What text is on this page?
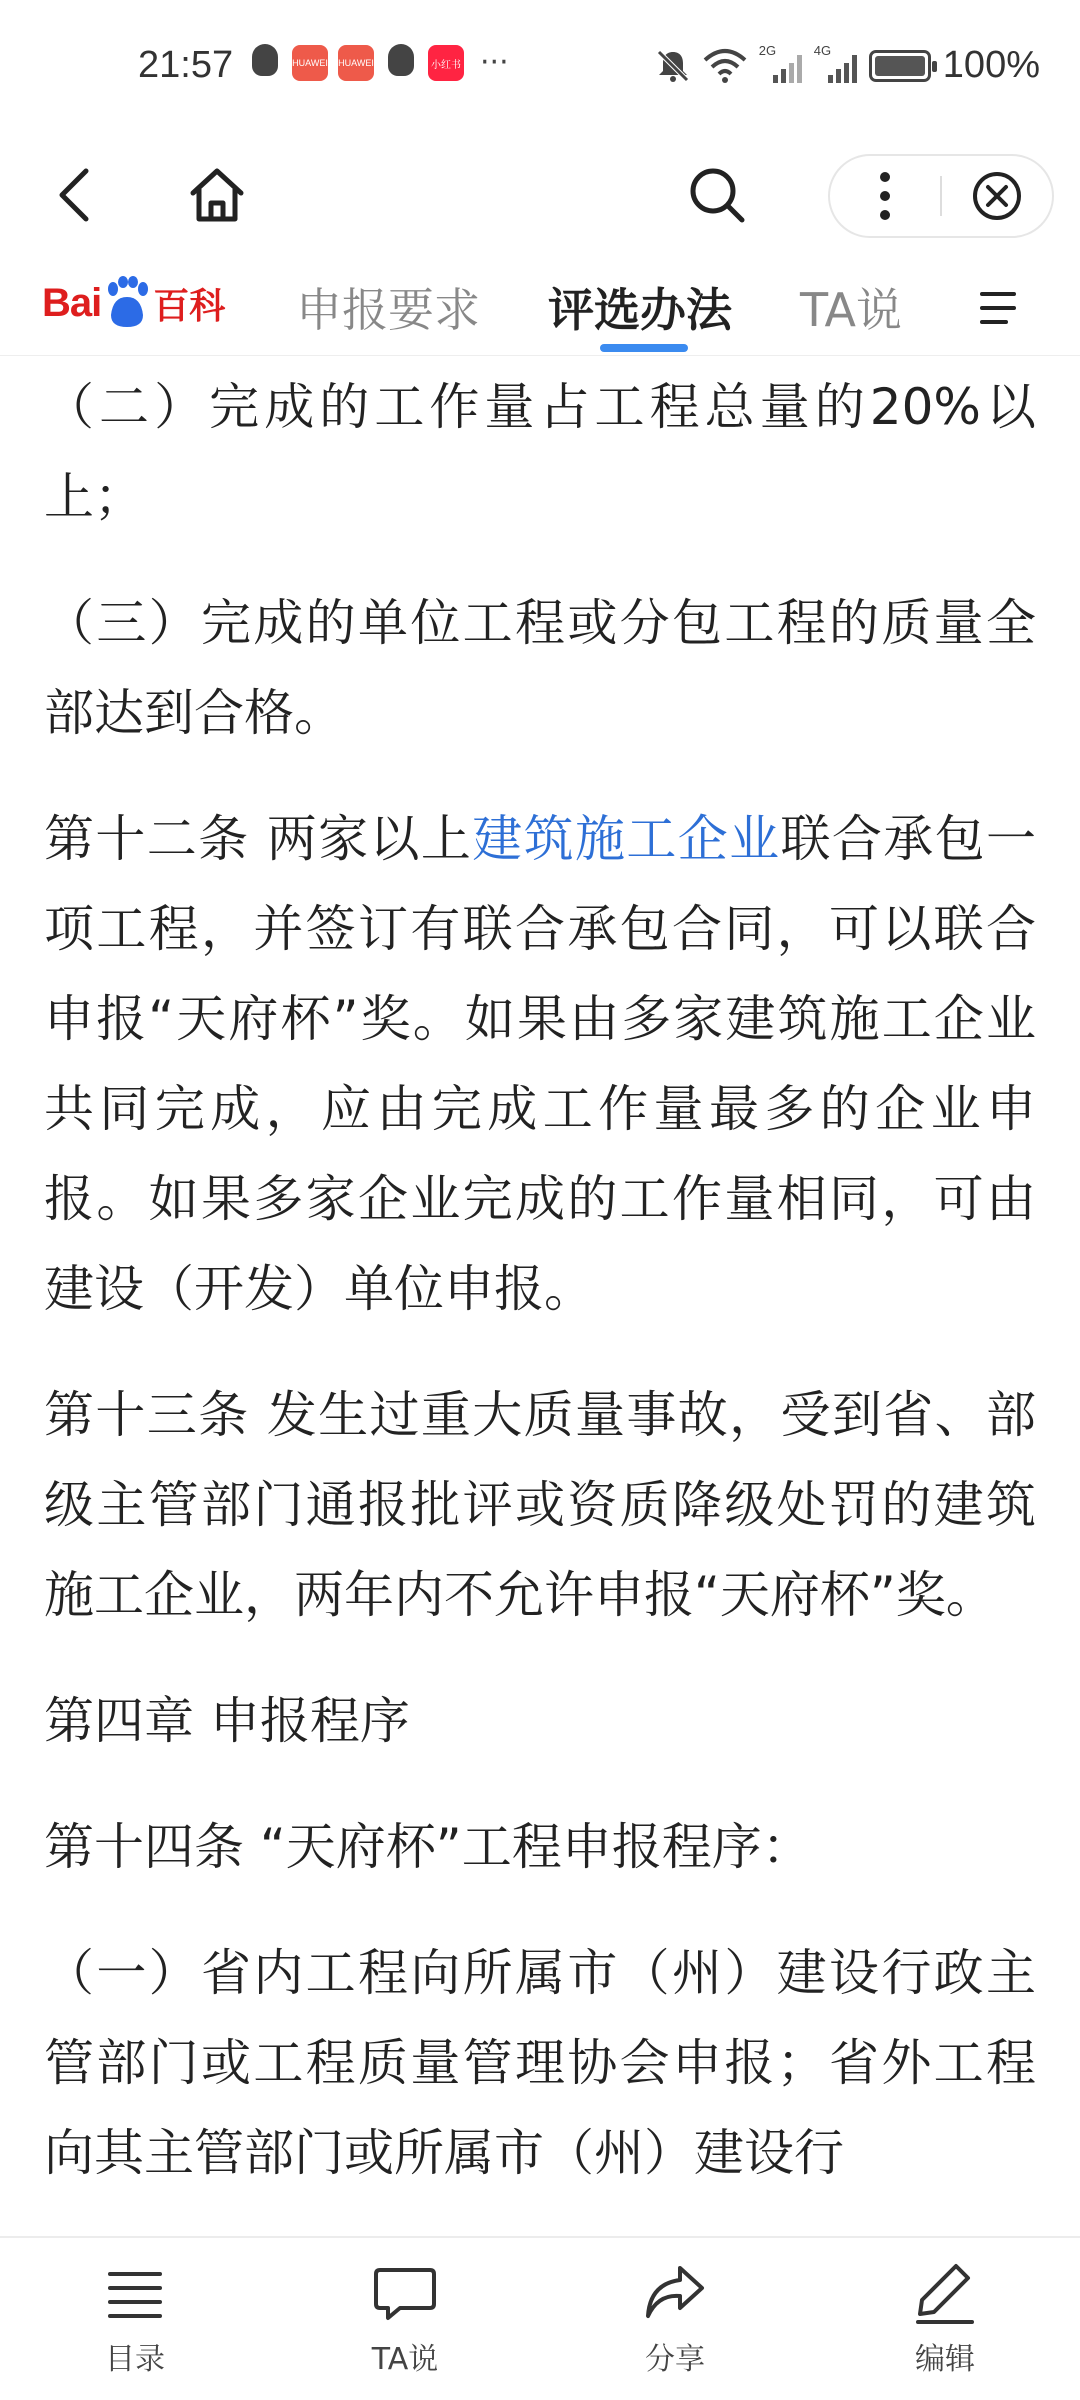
21:57	HUAWEI HUAWEI	小红书 ···	2G	4G	100%
Bai 百科 申报要求 评选办法 TA说

（二）完成的工作量占工程总量的20%以上；

（三）完成的单位工程或分包工程的质量全部达到合格。

第十二条 两家以上建筑施工企业联合承包一项工程，并签订有联合承包合同，可以联合申报“天府杯”奖。如果由多家建筑施工企业共同完成，应由完成工作量最多的企业申报。如果多家企业完成的工作量相同，可由建设（开发）单位申报。

第十三条 发生过重大质量事故，受到省、部级主管部门通报批评或资质降级处罚的建筑施工企业，两年内不允许申报“天府杯”奖。

第四章 申报程序

第十四条 “天府杯”工程申报程序：

（一）省内工程向所属市（州）建设行政主管部门或工程质量管理协会申报；省外工程向其主管部门或所属市（州）建设行

目录	TA说	分享	编辑
